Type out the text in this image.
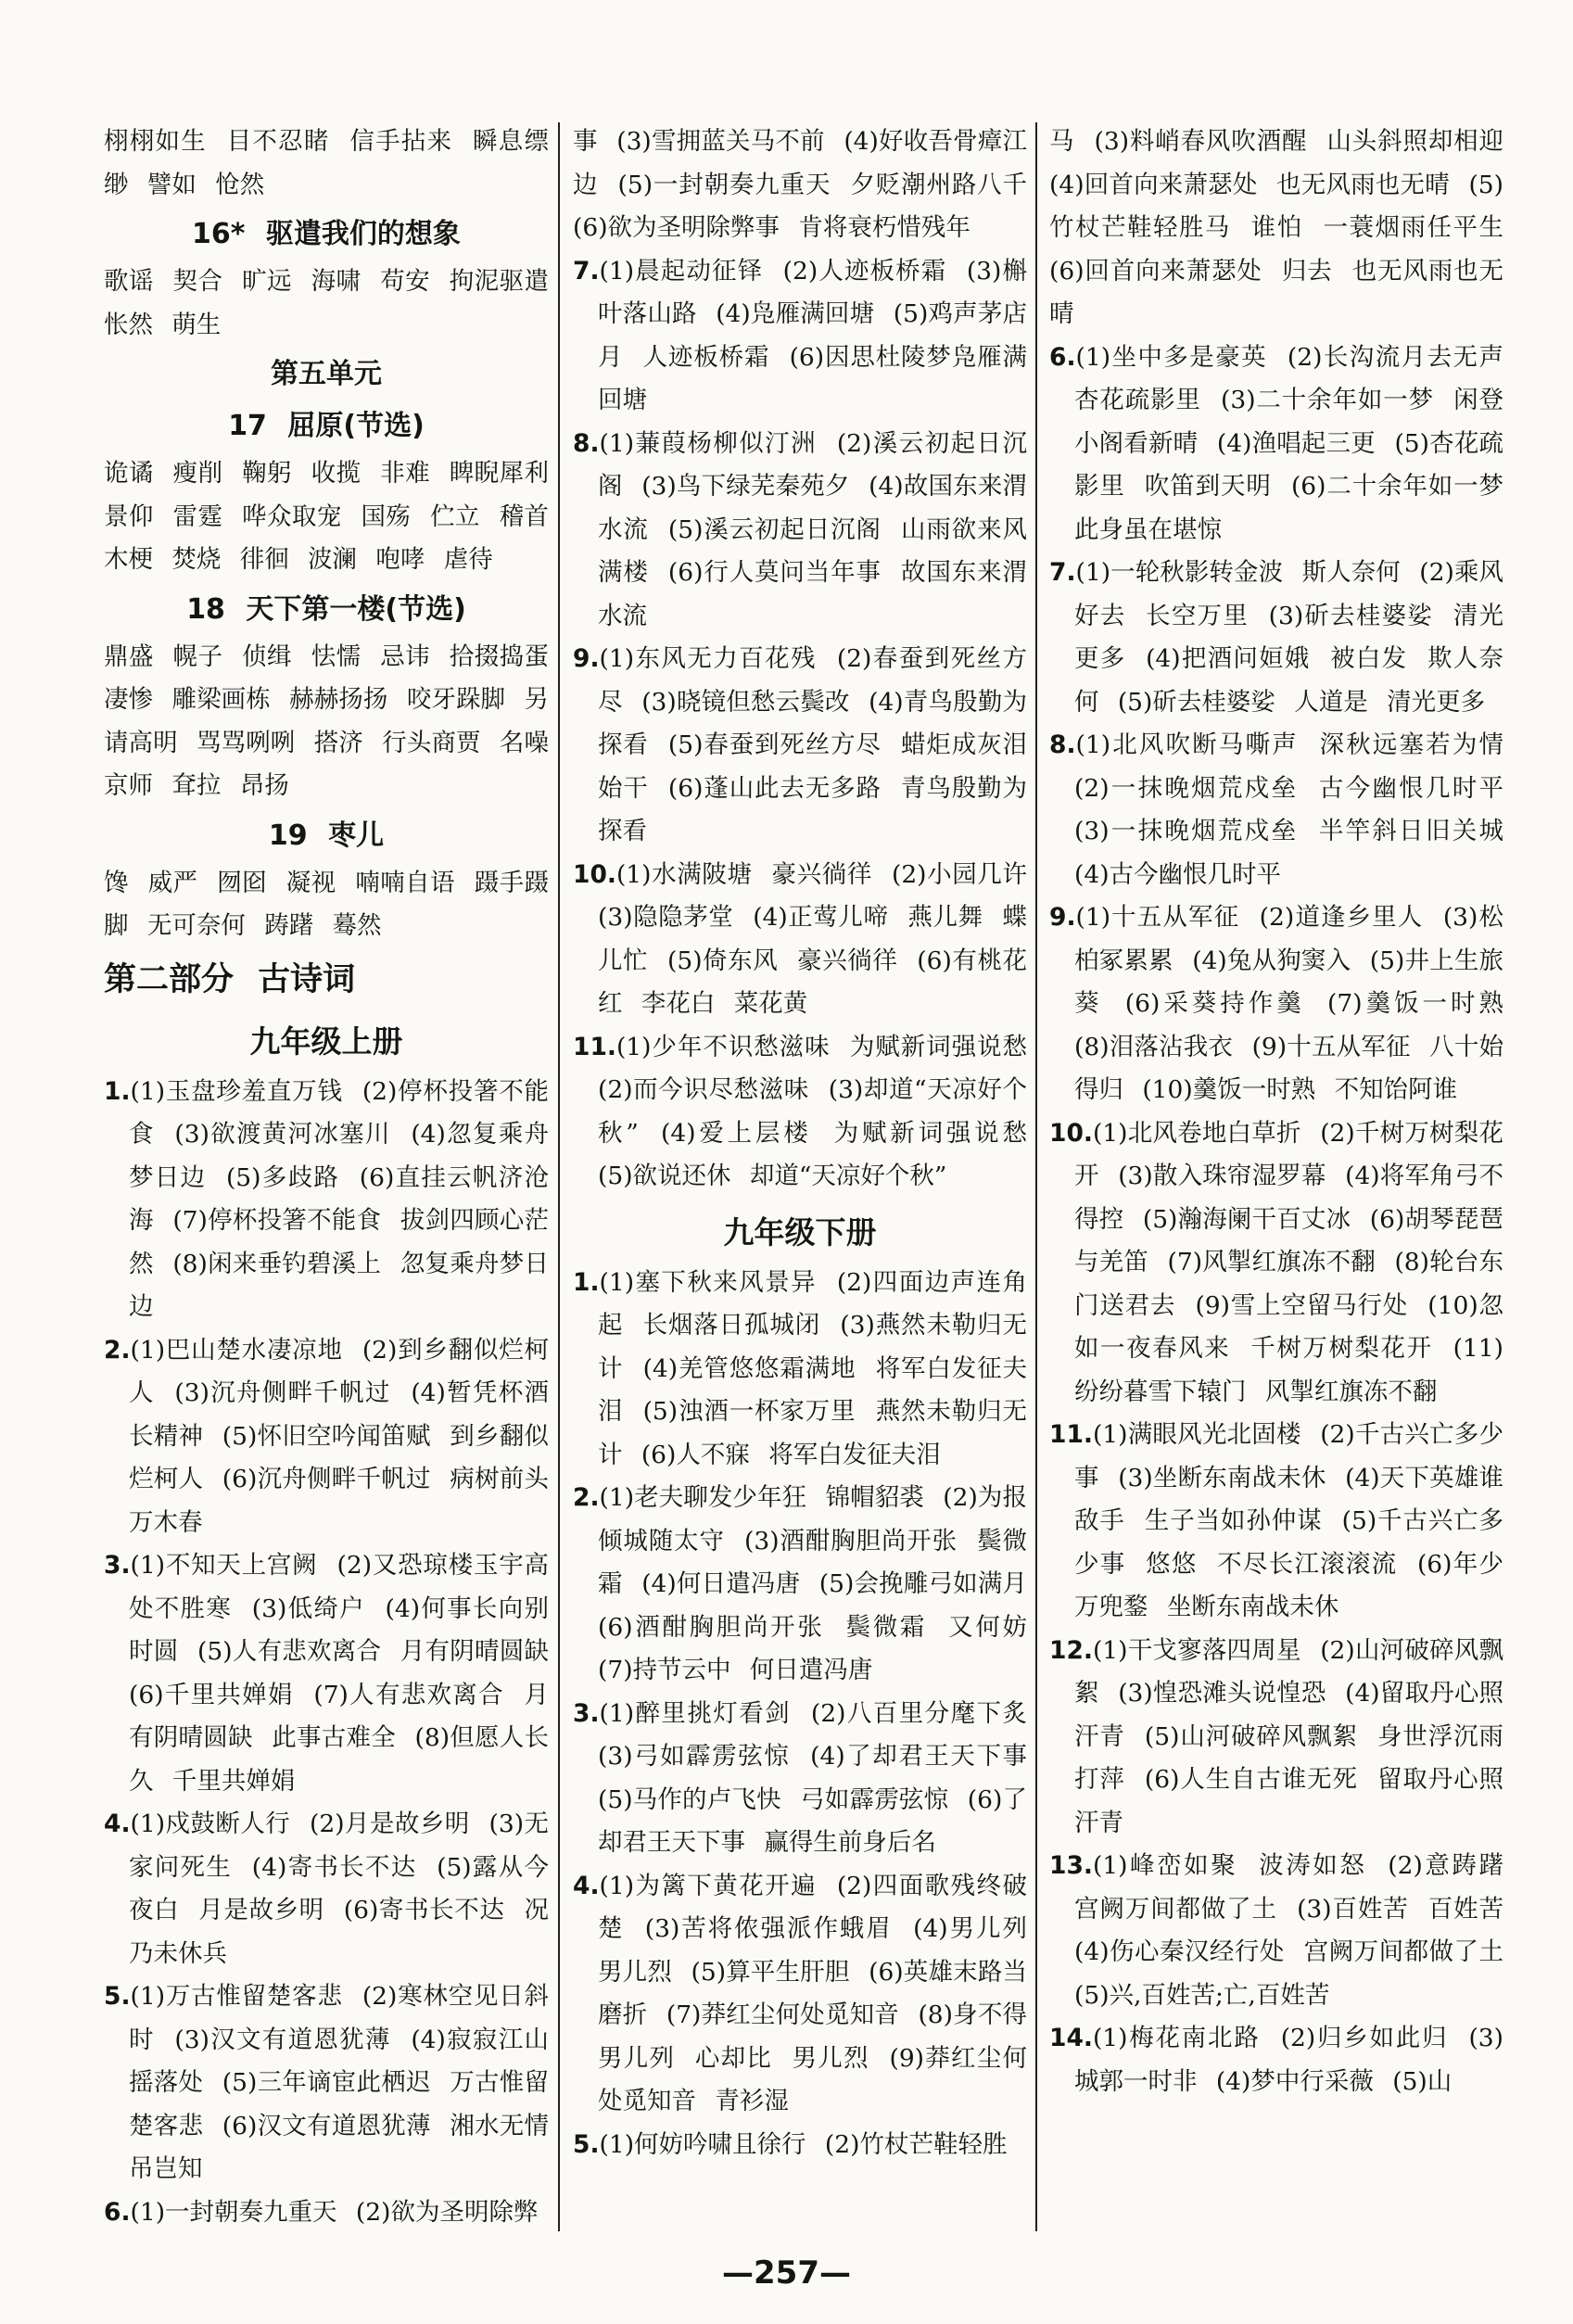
栩栩如生 目不忍睹 信手拈来 瞬息缥缈 譬如 怆然
16* 驱遣我们的想象
歌谣 契合 旷远 海啸 苟安 拘泥驱遣 怅然 萌生
第五单元
17 屈原(节选)
诡谲 瘦削 鞠躬 收揽 非难 睥睨犀利 景仰 雷霆 哗众取宠 国殇 伫立 稽首 木梗 焚烧 徘徊 波澜 咆哮 虐待
18 天下第一楼(节选)
鼎盛 幌子 侦缉 怯懦 忌讳 拾掇捣蛋 凄惨 雕梁画栋 赫赫扬扬 咬牙跺脚 另请高明 骂骂咧咧 搭济 行头商贾 名噪京师 耷拉 昂扬
19 枣儿
馋 威严 囫囵 凝视 喃喃自语 蹑手蹑脚 无可奈何 踌躇 蓦然
第二部分 古诗词
九年级上册
1.(1)玉盘珍羞直万钱 (2)停杯投箸不能食 (3)欲渡黄河冰塞川 (4)忽复乘舟梦日边 (5)多歧路 (6)直挂云帆济沧海 (7)停杯投箸不能食 拔剑四顾心茫然 (8)闲来垂钓碧溪上 忽复乘舟梦日边
2.(1)巴山楚水凄凉地 (2)到乡翻似烂柯人 (3)沉舟侧畔千帆过 (4)暂凭杯酒长精神 (5)怀旧空吟闻笛赋 到乡翻似烂柯人 (6)沉舟侧畔千帆过 病树前头万木春
3.(1)不知天上宫阙 (2)又恐琼楼玉宇高处不胜寒 (3)低绮户 (4)何事长向别时圆 (5)人有悲欢离合 月有阴晴圆缺 (6)千里共婵娟 (7)人有悲欢离合 月有阴晴圆缺 此事古难全 (8)但愿人长久 千里共婵娟
4.(1)戍鼓断人行 (2)月是故乡明 (3)无家问死生 (4)寄书长不达 (5)露从今夜白 月是故乡明 (6)寄书长不达 况乃未休兵
5.(1)万古惟留楚客悲 (2)寒林空见日斜时 (3)汉文有道恩犹薄 (4)寂寂江山摇落处 (5)三年谪宦此栖迟 万古惟留楚客悲 (6)汉文有道恩犹薄 湘水无情吊岂知
6.(1)一封朝奏九重天 (2)欲为圣明除弊
事 (3)雪拥蓝关马不前 (4)好收吾骨瘴江边 (5)一封朝奏九重天 夕贬潮州路八千 (6)欲为圣明除弊事 肯将衰朽惜残年
7.(1)晨起动征铎 (2)人迹板桥霜 (3)槲叶落山路 (4)凫雁满回塘 (5)鸡声茅店月 人迹板桥霜 (6)因思杜陵梦凫雁满回塘
8.(1)蒹葭杨柳似汀洲 (2)溪云初起日沉阁 (3)鸟下绿芜秦苑夕 (4)故国东来渭水流 (5)溪云初起日沉阁 山雨欲来风满楼 (6)行人莫问当年事 故国东来渭水流
9.(1)东风无力百花残 (2)春蚕到死丝方尽 (3)晓镜但愁云鬓改 (4)青鸟殷勤为探看 (5)春蚕到死丝方尽 蜡炬成灰泪始干 (6)蓬山此去无多路 青鸟殷勤为探看
10.(1)水满陂塘 豪兴徜徉 (2)小园几许 (3)隐隐茅堂 (4)正莺儿啼 燕儿舞 蝶儿忙 (5)倚东风 豪兴徜徉 (6)有桃花红 李花白 菜花黄
11.(1)少年不识愁滋味 为赋新词强说愁 (2)而今识尽愁滋味 (3)却道“天凉好个秋” (4)爱上层楼 为赋新词强说愁 (5)欲说还休 却道“天凉好个秋”
九年级下册
1.(1)塞下秋来风景异 (2)四面边声连角起 长烟落日孤城闭 (3)燕然未勒归无计 (4)羌管悠悠霜满地 将军白发征夫泪 (5)浊酒一杯家万里 燕然未勒归无计 (6)人不寐 将军白发征夫泪
2.(1)老夫聊发少年狂 锦帽貂裘 (2)为报倾城随太守 (3)酒酣胸胆尚开张 鬓微霜 (4)何日遣冯唐 (5)会挽雕弓如满月 (6)酒酣胸胆尚开张 鬓微霜 又何妨 (7)持节云中 何日遣冯唐
3.(1)醉里挑灯看剑 (2)八百里分麾下炙 (3)弓如霹雳弦惊 (4)了却君王天下事 (5)马作的卢飞快 弓如霹雳弦惊 (6)了却君王天下事 赢得生前身后名
4.(1)为篱下黄花开遍 (2)四面歌残终破楚 (3)苦将侬强派作蛾眉 (4)男儿列 男儿烈 (5)算平生肝胆 (6)英雄末路当磨折 (7)莽红尘何处觅知音 (8)身不得 男儿列 心却比 男儿烈 (9)莽红尘何处觅知音 青衫湿
5.(1)何妨吟啸且徐行 (2)竹杖芒鞋轻胜
马 (3)料峭春风吹酒醒 山头斜照却相迎 (4)回首向来萧瑟处 也无风雨也无晴 (5)竹杖芒鞋轻胜马 谁怕 一蓑烟雨任平生 (6)回首向来萧瑟处 归去 也无风雨也无晴
6.(1)坐中多是豪英 (2)长沟流月去无声 杏花疏影里 (3)二十余年如一梦 闲登小阁看新晴 (4)渔唱起三更 (5)杏花疏影里 吹笛到天明 (6)二十余年如一梦 此身虽在堪惊
7.(1)一轮秋影转金波 斯人奈何 (2)乘风好去 长空万里 (3)斫去桂婆娑 清光更多 (4)把酒问姮娥 被白发 欺人奈何 (5)斫去桂婆娑 人道是 清光更多
8.(1)北风吹断马嘶声 深秋远塞若为情 (2)一抹晚烟荒戍垒 古今幽恨几时平 (3)一抹晚烟荒戍垒 半竿斜日旧关城 (4)古今幽恨几时平
9.(1)十五从军征 (2)道逢乡里人 (3)松柏冢累累 (4)兔从狗窦入 (5)井上生旅葵 (6)采葵持作羹 (7)羹饭一时熟 (8)泪落沾我衣 (9)十五从军征 八十始得归 (10)羹饭一时熟 不知饴阿谁
10.(1)北风卷地白草折 (2)千树万树梨花开 (3)散入珠帘湿罗幕 (4)将军角弓不得控 (5)瀚海阑干百丈冰 (6)胡琴琵琶与羌笛 (7)风掣红旗冻不翻 (8)轮台东门送君去 (9)雪上空留马行处 (10)忽如一夜春风来 千树万树梨花开 (11)纷纷暮雪下辕门 风掣红旗冻不翻
11.(1)满眼风光北固楼 (2)千古兴亡多少事 (3)坐断东南战未休 (4)天下英雄谁敌手 生子当如孙仲谋 (5)千古兴亡多少事 悠悠 不尽长江滚滚流 (6)年少万兜鍪 坐断东南战未休
12.(1)干戈寥落四周星 (2)山河破碎风飘絮 (3)惶恐滩头说惶恐 (4)留取丹心照汗青 (5)山河破碎风飘絮 身世浮沉雨打萍 (6)人生自古谁无死 留取丹心照汗青
13.(1)峰峦如聚 波涛如怒 (2)意踌躇 宫阙万间都做了土 (3)百姓苦 百姓苦 (4)伤心秦汉经行处 宫阙万间都做了土 (5)兴,百姓苦;亡,百姓苦
14.(1)梅花南北路 (2)归乡如此归 (3)城郭一时非 (4)梦中行采薇 (5)山
—257—
